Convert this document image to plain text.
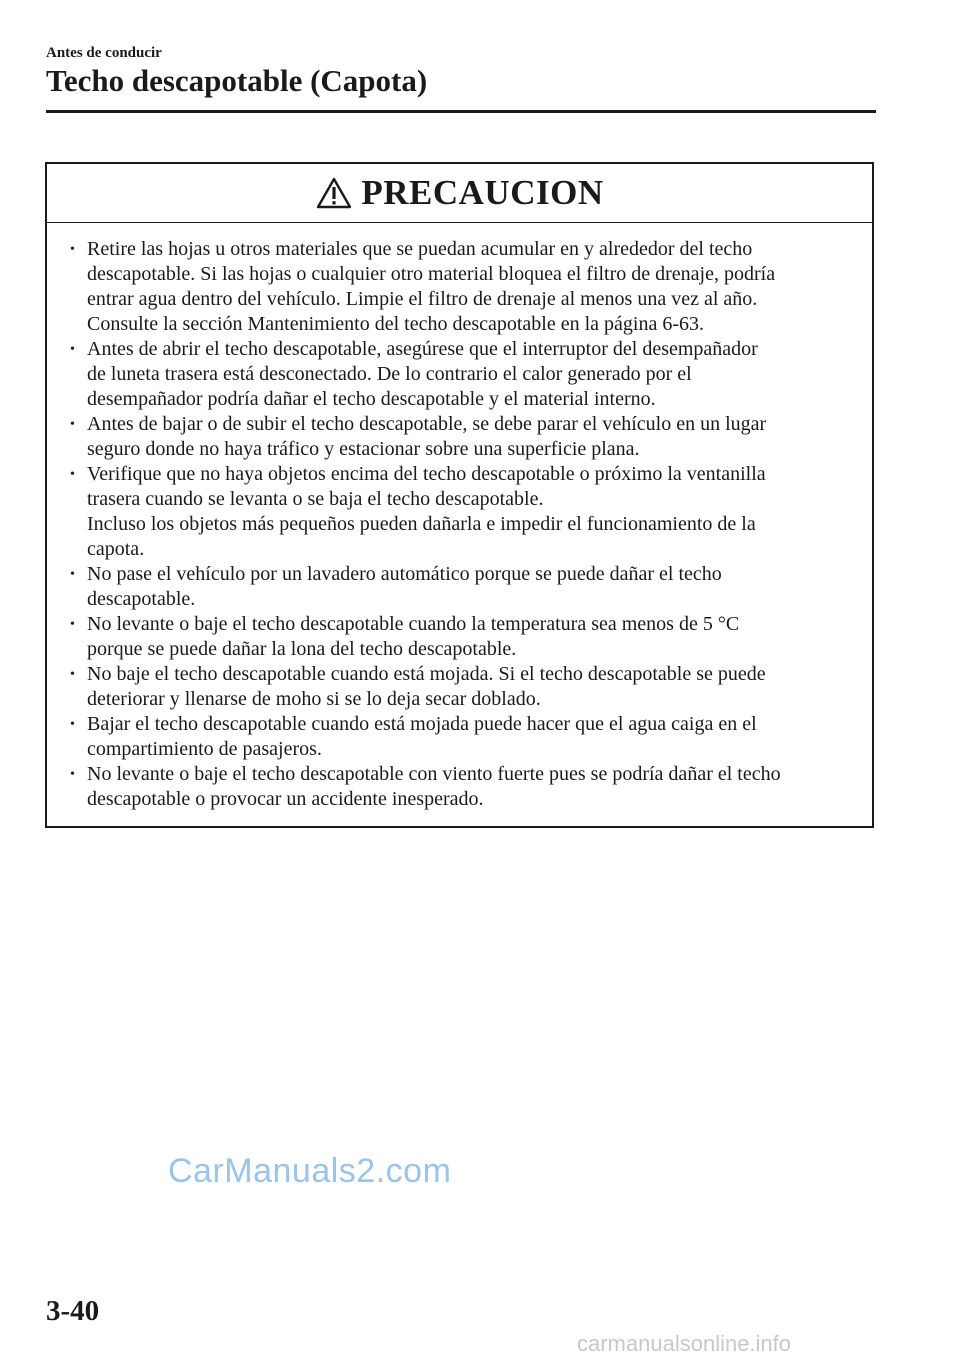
Antes de conducir
Techo descapotable (Capota)
PRECAUCION
• Retire las hojas u otros materiales que se puedan acumular en y alrededor del techo
descapotable. Si las hojas o cualquier otro material bloquea el filtro de drenaje, podría
entrar agua dentro del vehículo. Limpie el filtro de drenaje al menos una vez al año.
Consulte la sección Mantenimiento del techo descapotable en la página 6-63.
• Antes de abrir el techo descapotable, asegúrese que el interruptor del desempañador
de luneta trasera está desconectado. De lo contrario el calor generado por el
desempañador podría dañar el techo descapotable y el material interno.
• Antes de bajar o de subir el techo descapotable, se debe parar el vehículo en un lugar
seguro donde no haya tráfico y estacionar sobre una superficie plana.
• Verifique que no haya objetos encima del techo descapotable o próximo la ventanilla
trasera cuando se levanta o se baja el techo descapotable.
Incluso los objetos más pequeños pueden dañarla e impedir el funcionamiento de la
capota.
• No pase el vehículo por un lavadero automático porque se puede dañar el techo
descapotable.
• No levante o baje el techo descapotable cuando la temperatura sea menos de 5 °C
porque se puede dañar la lona del techo descapotable.
• No baje el techo descapotable cuando está mojada. Si el techo descapotable se puede
deteriorar y llenarse de moho si se lo deja secar doblado.
• Bajar el techo descapotable cuando está mojada puede hacer que el agua caiga en el
compartimiento de pasajeros.
• No levante o baje el techo descapotable con viento fuerte pues se podría dañar el techo
descapotable o provocar un accidente inesperado.
3-40
CarManuals2.com
carmanualsonline.info
